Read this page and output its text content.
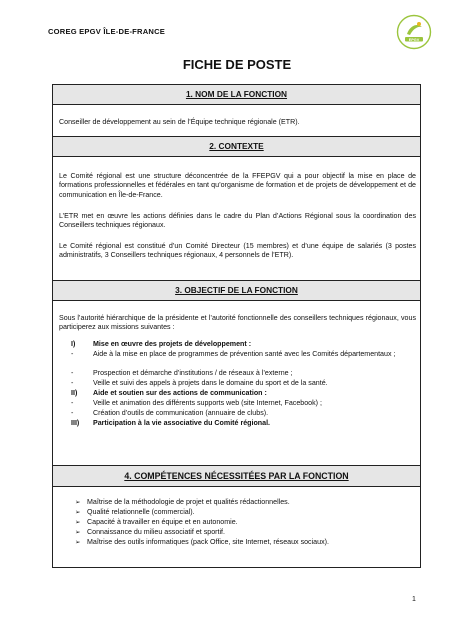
COREG EPGV ÎLE-DE-FRANCE
EPGV
FICHE DE POSTE
1. NOM DE LA FONCTION
Conseiller de développement au sein de l’Équipe technique régionale (ETR).
2. CONTEXTE
Le Comité régional est une structure déconcentrée de la FFEPGV qui a pour objectif la mise en place de formations professionnelles et fédérales en tant qu’organisme de formation et de projets de développement et de communication en Île-de-France.
L’ETR met en œuvre les actions définies dans le cadre du Plan d’Actions Régional sous la coordination des Conseillers techniques régionaux.
Le Comité régional est constitué d’un Comité Directeur (15 membres) et d’une équipe de salariés (3 postes administratifs, 3 Conseillers techniques régionaux, 4 personnels de l’ETR).
3. OBJECTIF DE LA FONCTION
Sous l’autorité hiérarchique de la présidente et l’autorité fonctionnelle des conseillers techniques régionaux, vous participerez aux missions suivantes :
I) Mise en œuvre des projets de développement :
-	Aide à la mise en place de programmes de prévention santé avec les Comités départementaux ;
-	Prospection et démarche d’institutions / de réseaux à l’externe ;
-	Veille et suivi des appels à projets dans le domaine du sport et de la santé.
II) Aide et soutien sur des actions de communication :
-	Veille et animation des différents supports web (site Internet, Facebook) ;
-	Création d’outils de communication (annuaire de clubs).
III) Participation à la vie associative du Comité régional.
4. COMPÉTENCES NÉCESSITÉES PAR LA FONCTION
➢ Maîtrise de la méthodologie de projet et qualités rédactionnelles.
➢ Qualité relationnelle (commercial).
➢ Capacité à travailler en équipe et en autonomie.
➢ Connaissance du milieu associatif et sportif.
➢ Maîtrise des outils informatiques (pack Office, site Internet, réseaux sociaux).
1
